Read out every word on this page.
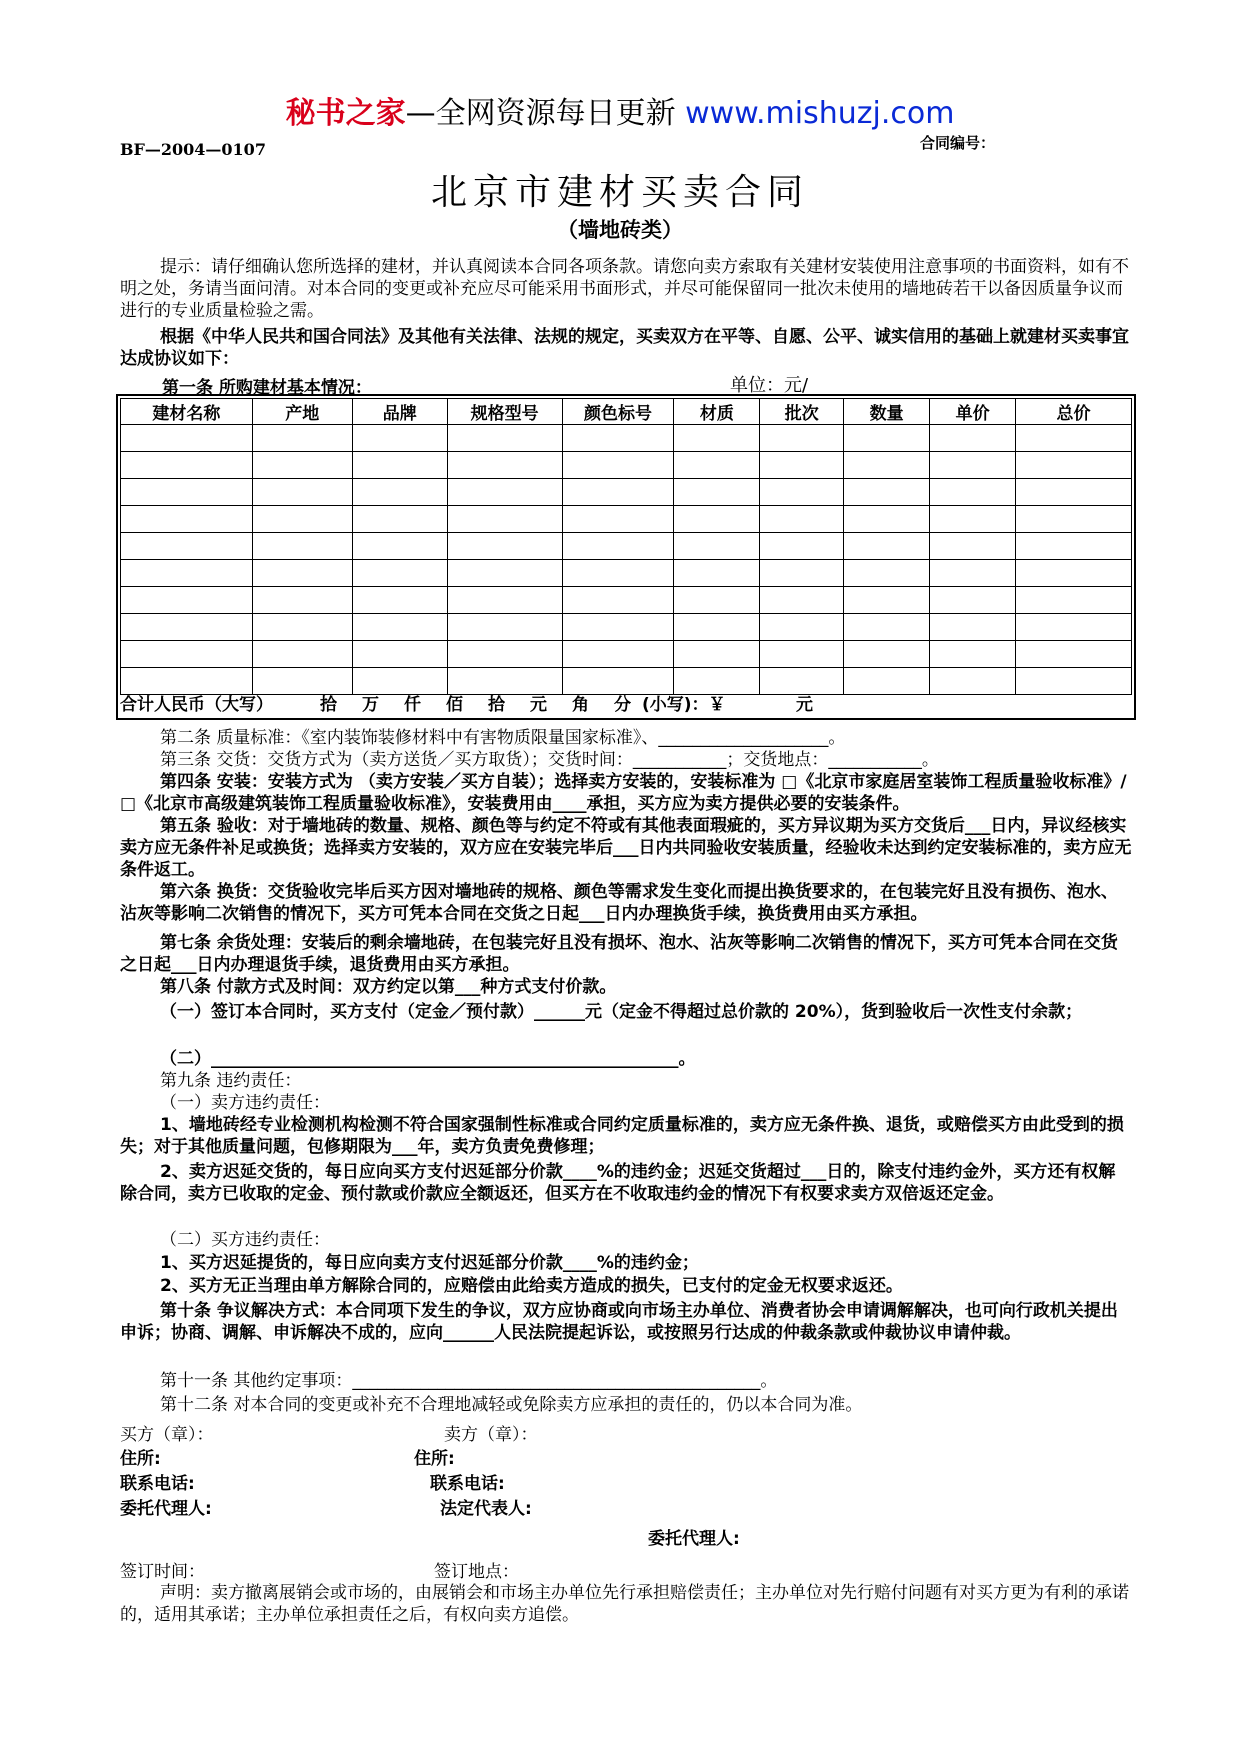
秘书之家—全网资源每日更新 www.mishuzj.com
BF—2004—0107	合同编号：
北京市建材买卖合同
（墙地砖类）
提示：请仔细确认您所选择的建材，并认真阅读本合同各项条款。请您向卖方索取有关建材安装使用注意事项的书面资料，如有不明之处，务请当面问清。对本合同的变更或补充应尽可能采用书面形式，并尽可能保留同一批次未使用的墙地砖若干以备因质量争议而进行的专业质量检验之需。
根据《中华人民共和国合同法》及其他有关法律、法规的规定，买卖双方在平等、自愿、公平、诚实信用的基础上就建材买卖事宜达成协议如下：
第一条 所购建材基本情况：	单位：元/
建材名称	产地	品牌	规格型号	颜色标号	材质	批次	数量	单价	总价

合计人民币（大写）	拾 万 仟 佰 拾 元 角 分 (小写)：￥	元
第二条 质量标准：《室内装饰装修材料中有害物质限量国家标准》、____________________。
第三条 交货：交货方式为（卖方送货／买方取货）；交货时间：___________；交货地点：___________。
第四条 安装：安装方式为 （卖方安装／买方自装）；选择卖方安装的，安装标准为 □《北京市家庭居室装饰工程质量验收标准》/ □《北京市高级建筑装饰工程质量验收标准》，安装费用由____承担，买方应为卖方提供必要的安装条件。
第五条 验收：对于墙地砖的数量、规格、颜色等与约定不符或有其他表面瑕疵的，买方异议期为买方交货后___日内，异议经核实卖方应无条件补足或换货；选择卖方安装的，双方应在安装完毕后___日内共同验收安装质量，经验收未达到约定安装标准的，卖方应无条件返工。
第六条 换货：交货验收完毕后买方因对墙地砖的规格、颜色等需求发生变化而提出换货要求的，在包装完好且没有损伤、泡水、沾灰等影响二次销售的情况下，买方可凭本合同在交货之日起___日内办理换货手续，换货费用由买方承担。
第七条 余货处理：安装后的剩余墙地砖，在包装完好且没有损坏、泡水、沾灰等影响二次销售的情况下，买方可凭本合同在交货之日起___日内办理退货手续，退货费用由买方承担。
第八条 付款方式及时间：双方约定以第___种方式支付价款。
（一）签订本合同时，买方支付（定金／预付款）______元（定金不得超过总价款的 20%），货到验收后一次性支付余款；
（二）_______________________________________________________。
第九条 违约责任：
（一）卖方违约责任：
1、墙地砖经专业检测机构检测不符合国家强制性标准或合同约定质量标准的，卖方应无条件换、退货，或赔偿买方由此受到的损失；对于其他质量问题，包修期限为___年，卖方负责免费修理；
2、卖方迟延交货的，每日应向买方支付迟延部分价款____%的违约金；迟延交货超过___日的，除支付违约金外，买方还有权解除合同，卖方已收取的定金、预付款或价款应全额返还，但买方在不收取违约金的情况下有权要求卖方双倍返还定金。
（二）买方违约责任：
1、买方迟延提货的，每日应向卖方支付迟延部分价款____%的违约金；
2、买方无正当理由单方解除合同的，应赔偿由此给卖方造成的损失，已支付的定金无权要求返还。
第十条 争议解决方式：本合同项下发生的争议，双方应协商或向市场主办单位、消费者协会申请调解解决，也可向行政机关提出申诉；协商、调解、申诉解决不成的，应向______人民法院提起诉讼，或按照另行达成的仲裁条款或仲裁协议申请仲裁。
第十一条 其他约定事项：________________________________________________。
第十二条 对本合同的变更或补充不合理地减轻或免除卖方应承担的责任的，仍以本合同为准。
买方（章）：	卖方（章）：
住所:	住所:
联系电话:	联系电话:
委托代理人:	法定代表人:
委托代理人:
签订时间：	签订地点：
声明：卖方撤离展销会或市场的，由展销会和市场主办单位先行承担赔偿责任；主办单位对先行赔付问题有对买方更为有利的承诺的，适用其承诺；主办单位承担责任之后，有权向卖方追偿。
